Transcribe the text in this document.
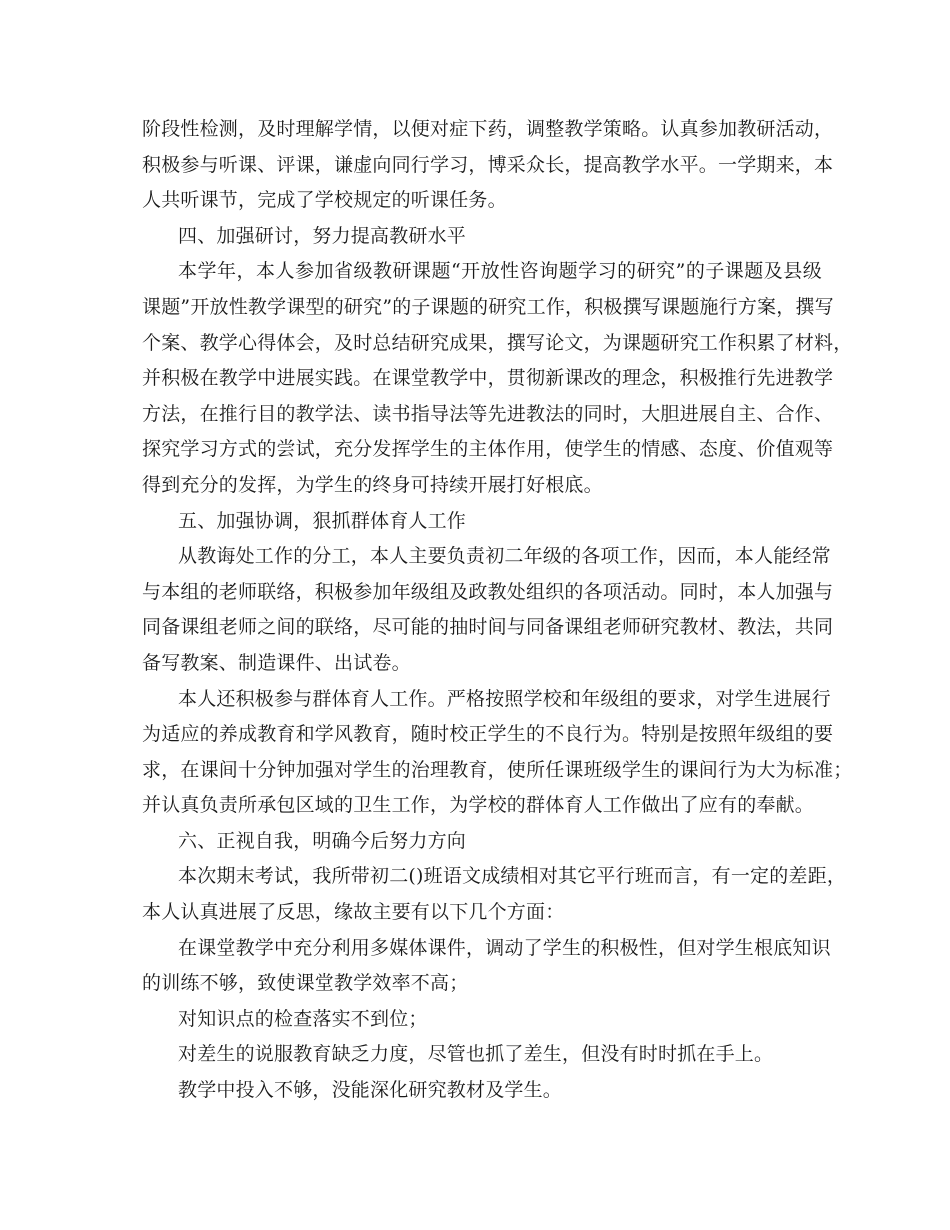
阶段性检测，及时理解学情，以便对症下药，调整教学策略。认真参加教研活动，
积极参与听课、评课，谦虚向同行学习，博采众长，提高教学水平。一学期来，本
人共听课节，完成了学校规定的听课任务。
四、加强研讨，努力提高教研水平
本学年，本人参加省级教研课题“开放性咨询题学习的研究”的子课题及县级
课题”开放性教学课型的研究”的子课题的研究工作，积极撰写课题施行方案，撰写
个案、教学心得体会，及时总结研究成果，撰写论文，为课题研究工作积累了材料，
并积极在教学中进展实践。在课堂教学中，贯彻新课改的理念，积极推行先进教学
方法，在推行目的教学法、读书指导法等先进教法的同时，大胆进展自主、合作、
探究学习方式的尝试，充分发挥学生的主体作用，使学生的情感、态度、价值观等
得到充分的发挥，为学生的终身可持续开展打好根底。
五、加强协调，狠抓群体育人工作
从教诲处工作的分工，本人主要负责初二年级的各项工作，因而，本人能经常
与本组的老师联络，积极参加年级组及政教处组织的各项活动。同时，本人加强与
同备课组老师之间的联络，尽可能的抽时间与同备课组老师研究教材、教法，共同
备写教案、制造课件、出试卷。
本人还积极参与群体育人工作。严格按照学校和年级组的要求，对学生进展行
为适应的养成教育和学风教育，随时校正学生的不良行为。特别是按照年级组的要
求，在课间十分钟加强对学生的治理教育，使所任课班级学生的课间行为大为标准；
并认真负责所承包区域的卫生工作，为学校的群体育人工作做出了应有的奉献。
六、正视自我，明确今后努力方向
本次期末考试，我所带初二()班语文成绩相对其它平行班而言，有一定的差距，
本人认真进展了反思，缘故主要有以下几个方面：
在课堂教学中充分利用多媒体课件，调动了学生的积极性，但对学生根底知识
的训练不够，致使课堂教学效率不高；
对知识点的检查落实不到位；
对差生的说服教育缺乏力度，尽管也抓了差生，但没有时时抓在手上。
教学中投入不够，没能深化研究教材及学生。
